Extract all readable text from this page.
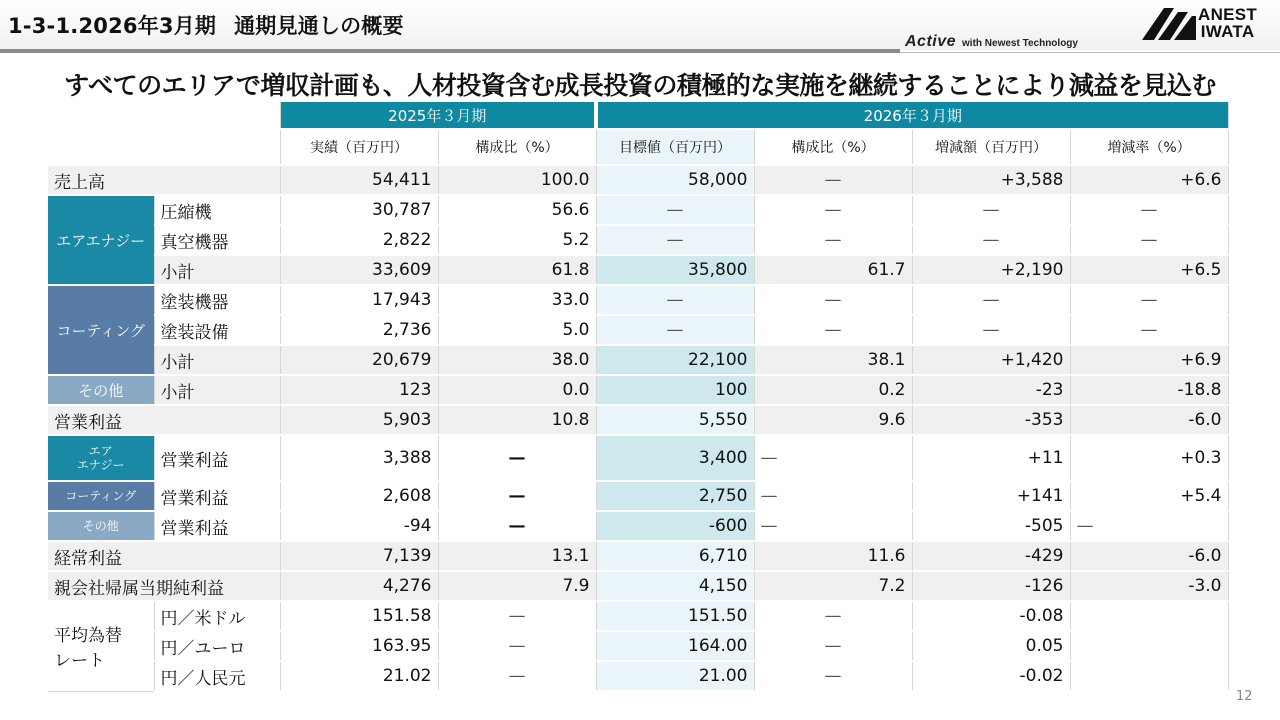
1-3-1.2026年3月期 通期見通しの概要
Active with Newest Technology
ANEST
IWATA
すべてのエリアで増収計画も、人材投資含む成長投資の積極的な実施を継続することにより減益を見込む
		2025年３月期		2026年３月期			
		実績（百万円）	構成比（%）	目標値（百万円）	構成比（%）	増減額（百万円）	増減率（%）
売上高		54,411	100.0	58,000	—	+3,588	+6.6
エアエナジー	圧縮機	30,787	56.6	—	—	—	—
	真空機器	2,822	5.2	—	—	—	—
	小計	33,609	61.8	35,800	61.7	+2,190	+6.5
コーティング	塗装機器	17,943	33.0	—	—	—	—
	塗装設備	2,736	5.0	—	—	—	—
	小計	20,679	38.0	22,100	38.1	+1,420	+6.9
その他	小計	123	0.0	100	0.2	-23	-18.8
営業利益		5,903	10.8	5,550	9.6	-353	-6.0

エア
エナジー	営業利益	3,388	—	3,400	—	+11	+0.3
コーティング	営業利益	2,608	—	2,750	—	+141	+5.4
その他	営業利益	-94	—	-600	—	-505	—
経常利益		7,139	13.1	6,710	11.6	-429	-6.0
親会社帰属当期純利益		4,276	7.9	4,150	7.2	-126	-3.0

平均為替
レート	円／米ドル	151.58	—	151.50	—	-0.08	
	円／ユーロ	163.95	—	164.00	—	0.05	
	円／人民元	21.02	—	21.00	—	-0.02	
12
